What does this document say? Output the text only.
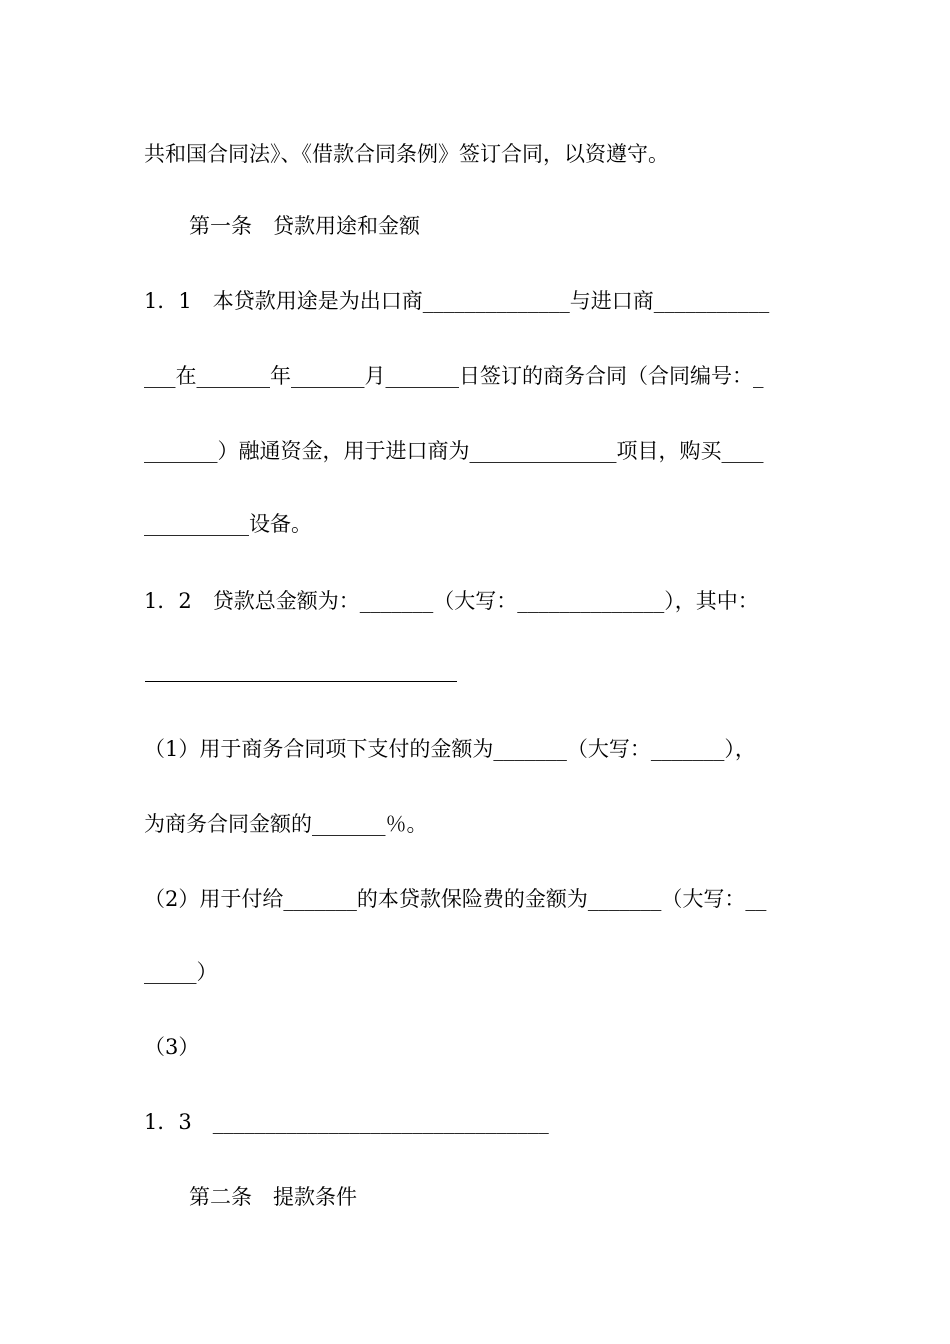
共和国合同法》、《借款合同条例》签订合同，以资遵守。

第一条　贷款用途和金额

1．1　本贷款用途是为出口商______________与进口商___________

___在_______年_______月_______日签订的商务合同（合同编号：_

_______）融通资金，用于进口商为______________项目，购买____

__________设备。

1．2　贷款总金额为：_______（大写：______________），其中：

（1）用于商务合同项下支付的金额为_______（大写：_______），

为商务合同金额的_______％。

（2）用于付给_______的本贷款保险费的金额为_______（大写：__

_____）

（3）

1．3　________________________________

第二条　提款条件
